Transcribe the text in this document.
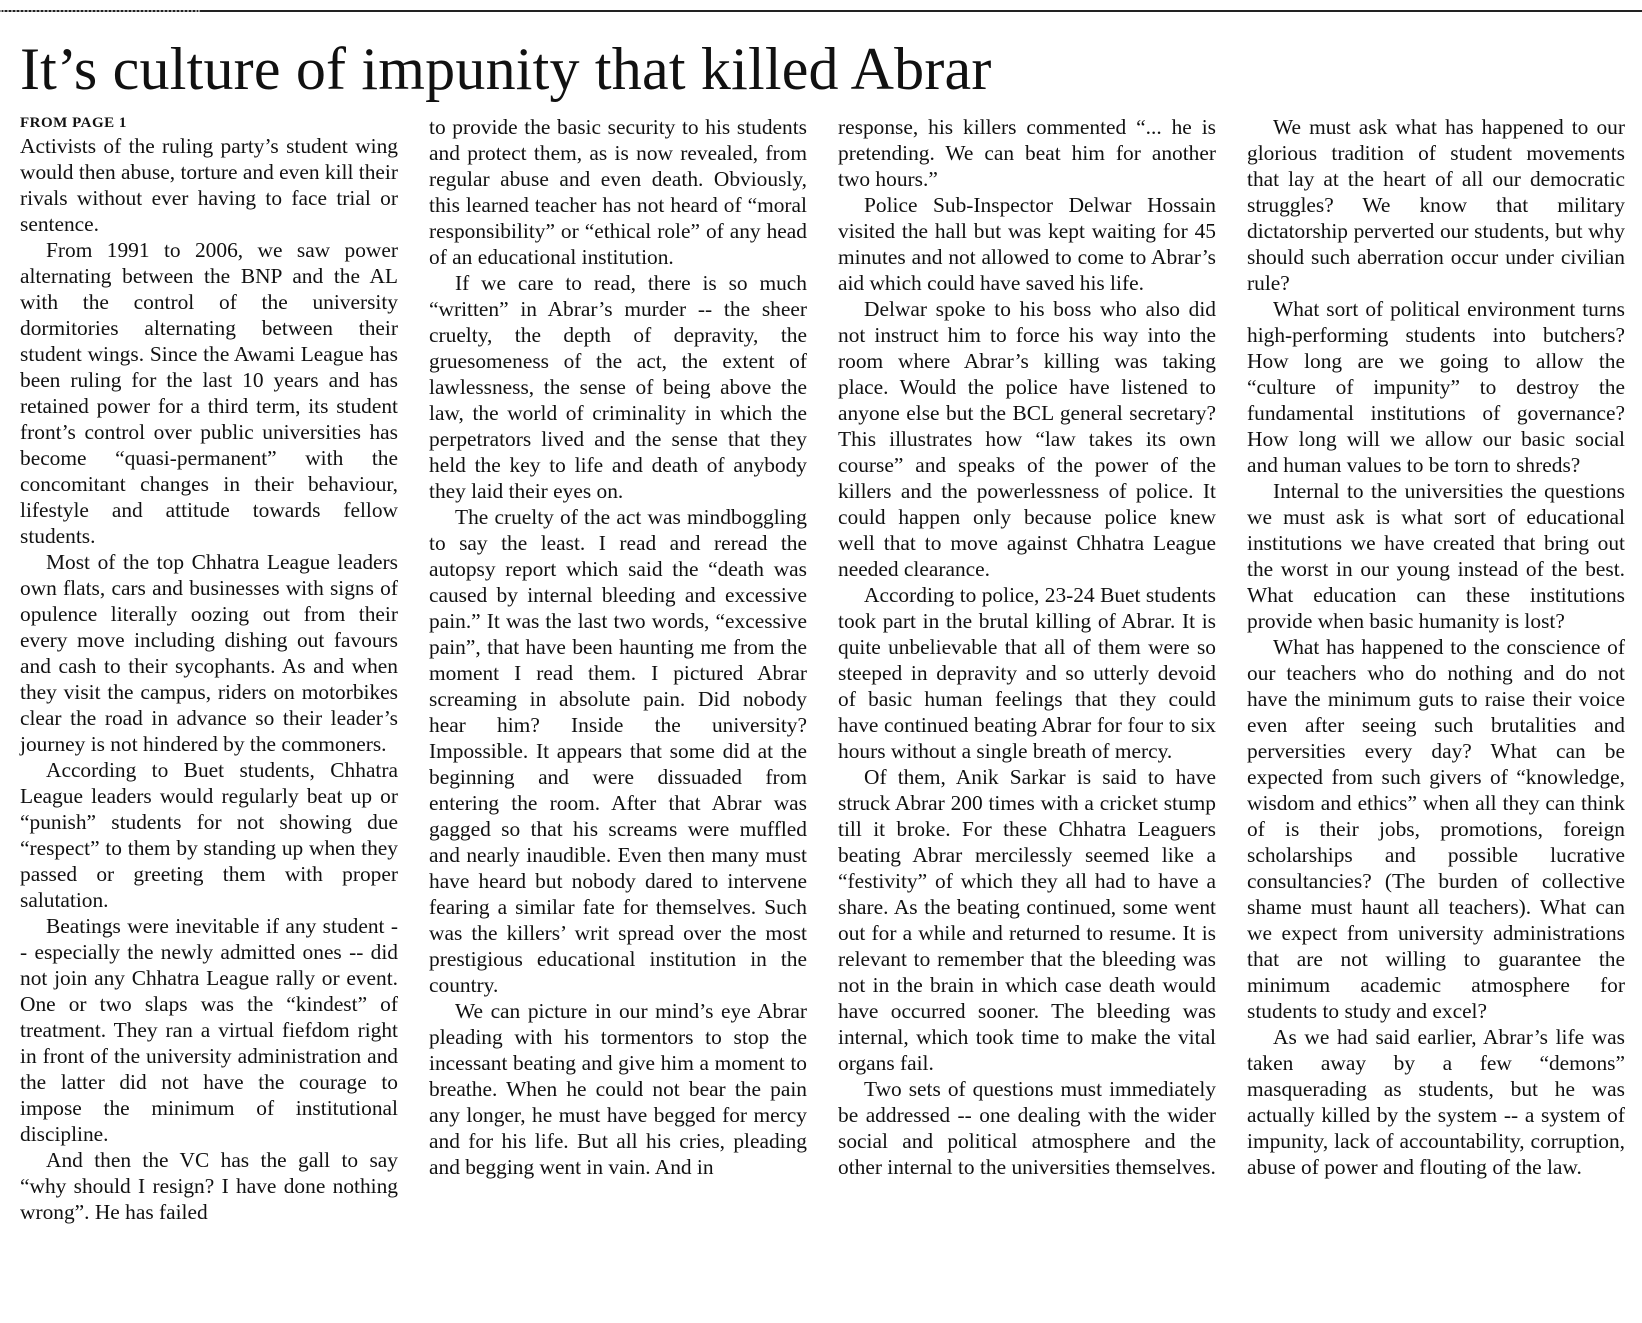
It’s culture of impunity that killed Abrar
FROM PAGE 1

Activists of the ruling party’s student wing would then abuse, torture and even kill their rivals without ever having to face trial or sentence.

From 1991 to 2006, we saw power alternating between the BNP and the AL with the control of the university dormitories alternating between their student wings. Since the Awami League has been ruling for the last 10 years and has retained power for a third term, its student front’s control over public universities has become “quasi-permanent” with the concomitant changes in their behaviour, lifestyle and attitude towards fellow students.

Most of the top Chhatra League leaders own flats, cars and businesses with signs of opulence literally oozing out from their every move including dishing out favours and cash to their sycophants. As and when they visit the campus, riders on motorbikes clear the road in advance so their leader’s journey is not hindered by the commoners.

According to Buet students, Chhatra League leaders would regularly beat up or “punish” students for not showing due “respect” to them by standing up when they passed or greeting them with proper salutation.

Beatings were inevitable if any student -- especially the newly admitted ones -- did not join any Chhatra League rally or event. One or two slaps was the “kindest” of treatment. They ran a virtual fiefdom right in front of the university administration and the latter did not have the courage to impose the minimum of institutional discipline.

And then the VC has the gall to say “why should I resign? I have done nothing wrong”. He has failed

to provide the basic security to his students and protect them, as is now revealed, from regular abuse and even death. Obviously, this learned teacher has not heard of “moral responsibility” or “ethical role” of any head of an educational institution.

If we care to read, there is so much “written” in Abrar’s murder -- the sheer cruelty, the depth of depravity, the gruesomeness of the act, the extent of lawlessness, the sense of being above the law, the world of criminality in which the perpetrators lived and the sense that they held the key to life and death of anybody they laid their eyes on.

The cruelty of the act was mindboggling to say the least. I read and reread the autopsy report which said the “death was caused by internal bleeding and excessive pain.” It was the last two words, “excessive pain”, that have been haunting me from the moment I read them. I pictured Abrar screaming in absolute pain. Did nobody hear him? Inside the university? Impossible. It appears that some did at the beginning and were dissuaded from entering the room. After that Abrar was gagged so that his screams were muffled and nearly inaudible. Even then many must have heard but nobody dared to intervene fearing a similar fate for themselves. Such was the killers’ writ spread over the most prestigious educational institution in the country.

We can picture in our mind’s eye Abrar pleading with his tormentors to stop the incessant beating and give him a moment to breathe. When he could not bear the pain any longer, he must have begged for mercy and for his life. But all his cries, pleading and begging went in vain. And in

response, his killers commented “... he is pretending. We can beat him for another two hours.”

Police Sub-Inspector Delwar Hossain visited the hall but was kept waiting for 45 minutes and not allowed to come to Abrar’s aid which could have saved his life.

Delwar spoke to his boss who also did not instruct him to force his way into the room where Abrar’s killing was taking place. Would the police have listened to anyone else but the BCL general secretary? This illustrates how “law takes its own course” and speaks of the power of the killers and the powerlessness of police. It could happen only because police knew well that to move against Chhatra League needed clearance.

According to police, 23-24 Buet students took part in the brutal killing of Abrar. It is quite unbelievable that all of them were so steeped in depravity and so utterly devoid of basic human feelings that they could have continued beating Abrar for four to six hours without a single breath of mercy.

Of them, Anik Sarkar is said to have struck Abrar 200 times with a cricket stump till it broke. For these Chhatra Leaguers beating Abrar mercilessly seemed like a “festivity” of which they all had to have a share. As the beating continued, some went out for a while and returned to resume. It is relevant to remember that the bleeding was not in the brain in which case death would have occurred sooner. The bleeding was internal, which took time to make the vital organs fail.

Two sets of questions must immediately be addressed -- one dealing with the wider social and political atmosphere and the other internal to the universities themselves.

We must ask what has happened to our glorious tradition of student movements that lay at the heart of all our democratic struggles? We know that military dictatorship perverted our students, but why should such aberration occur under civilian rule?

What sort of political environment turns high-performing students into butchers? How long are we going to allow the “culture of impunity” to destroy the fundamental institutions of governance? How long will we allow our basic social and human values to be torn to shreds?

Internal to the universities the questions we must ask is what sort of educational institutions we have created that bring out the worst in our young instead of the best. What education can these institutions provide when basic humanity is lost?

What has happened to the conscience of our teachers who do nothing and do not have the minimum guts to raise their voice even after seeing such brutalities and perversities every day? What can be expected from such givers of “knowledge, wisdom and ethics” when all they can think of is their jobs, promotions, foreign scholarships and possible lucrative consultancies? (The burden of collective shame must haunt all teachers). What can we expect from university administrations that are not willing to guarantee the minimum academic atmosphere for students to study and excel?

As we had said earlier, Abrar’s life was taken away by a few “demons” masquerading as students, but he was actually killed by the system -- a system of impunity, lack of accountability, corruption, abuse of power and flouting of the law.
